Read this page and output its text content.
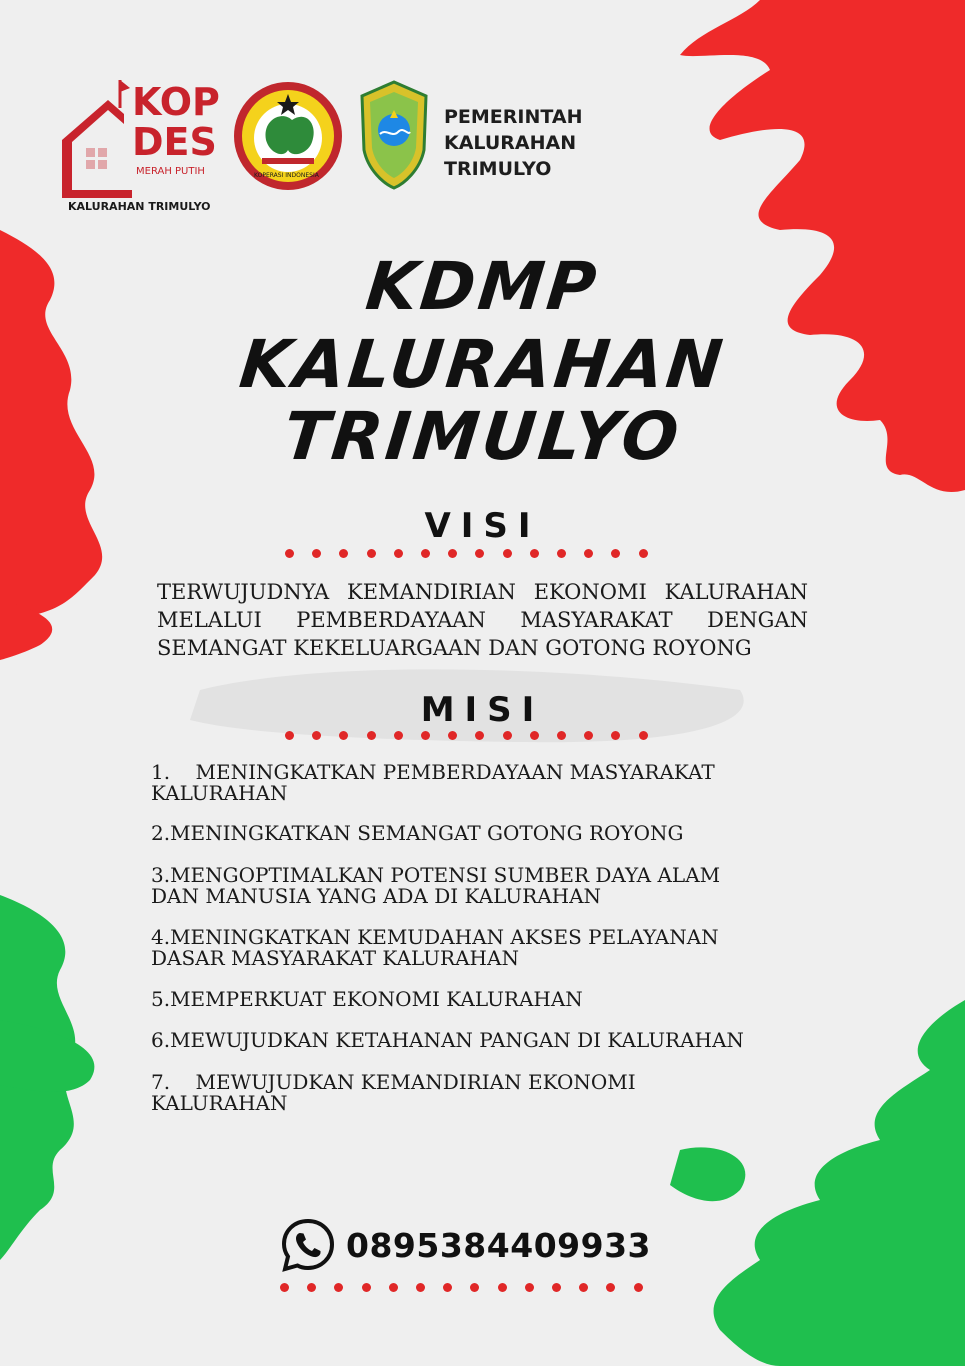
KOP
DES
MERAH PUTIH
KALURAHAN TRIMULYO
KOPERASI INDONESIA
PEMERINTAH
KALURAHAN
TRIMULYO
KDMP
KALURAHAN
TRIMULYO
VISI
TERWUJUDNYA KEMANDIRIAN EKONOMI KALURAHAN
MELALUI PEMBERDAYAAN MASYARAKAT DENGAN
SEMANGAT KEKELUARGAAN DAN GOTONG ROYONG
MISI
1.    MENINGKATKAN PEMBERDAYAAN MASYARAKAT
KALURAHAN
2.MENINGKATKAN SEMANGAT GOTONG ROYONG
3.MENGOPTIMALKAN POTENSI SUMBER DAYA ALAM
DAN MANUSIA YANG ADA DI KALURAHAN
4.MENINGKATKAN KEMUDAHAN AKSES PELAYANAN
DASAR MASYARAKAT KALURAHAN
5.MEMPERKUAT EKONOMI KALURAHAN
6.MEWUJUDKAN KETAHANAN PANGAN DI KALURAHAN
7.    MEWUJUDKAN KEMANDIRIAN EKONOMI
KALURAHAN
0895384409933
